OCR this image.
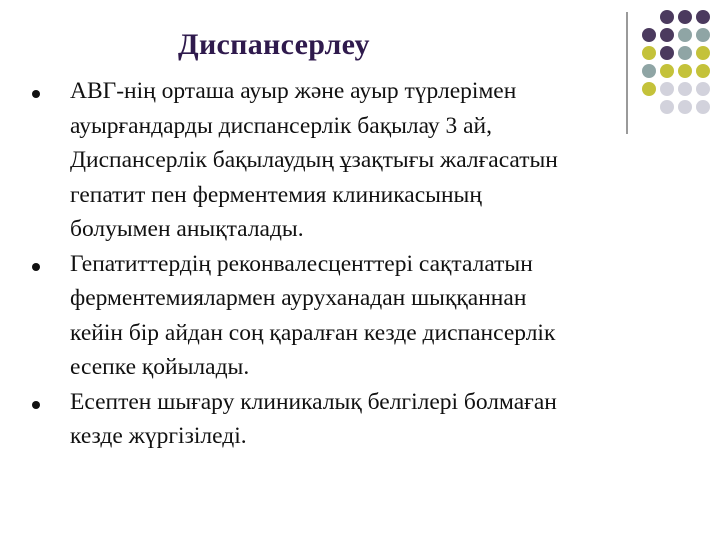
Диспансерлеу
АВГ-нің орташа ауыр және ауыр түрлерімен
ауырғандарды диспансерлік бақылау 3 ай,
Диспансерлік бақылаудың ұзақтығы жалғасатын
гепатит пен ферментемия клиникасының
болуымен анықталады.
Гепатиттердің реконвалесценттері сақталатын
ферментемиялармен ауруханадан шыққаннан
кейін бір айдан соң қаралған кезде диспансерлік
есепке қойылады.
Есептен шығару клиникалық белгілері болмаған
кезде жүргізіледі.
